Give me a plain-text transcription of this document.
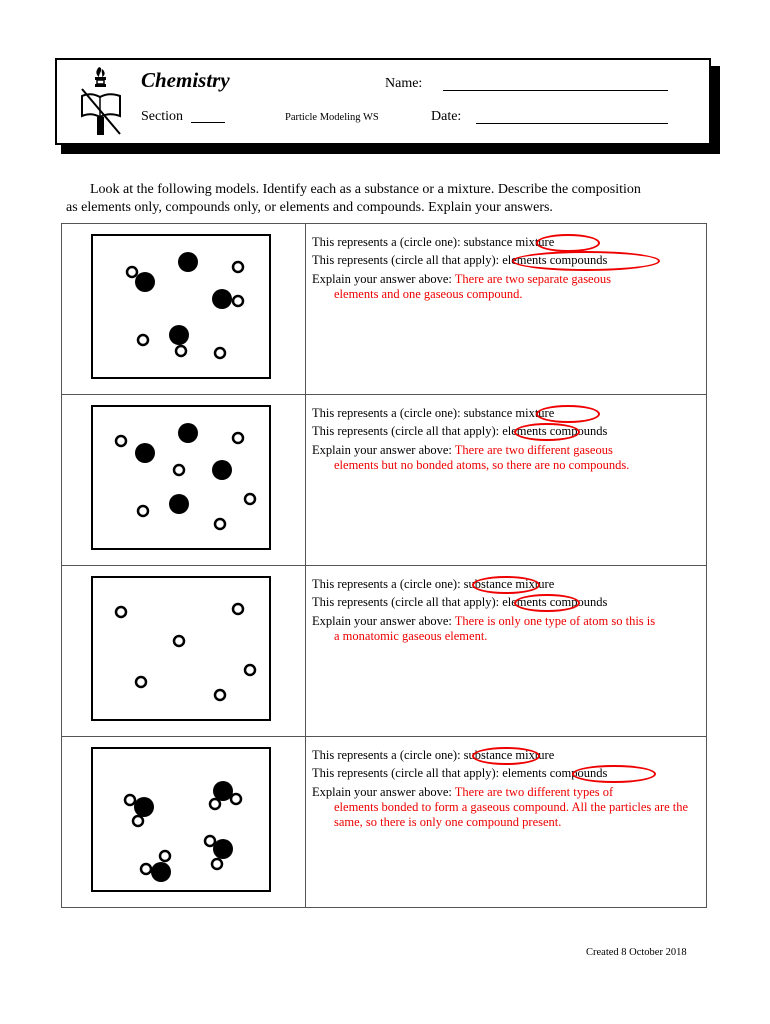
Chemistry
Section	Particle Modeling WS
Name:
Date:
Look at the following models. Identify each as a substance or a mixture. Describe the composition
as elements only, compounds only, or elements and compounds. Explain your answers.

This represents a (circle one): substance mixture
This represents (circle all that apply): elements compounds
Explain your answer above: There are two separate gaseous
elements and one gaseous compound.

This represents a (circle one): substance mixture
This represents (circle all that apply): elements compounds
Explain your answer above: There are two different gaseous
elements but no bonded atoms, so there are no compounds.

This represents a (circle one): substance mixture
This represents (circle all that apply): elements compounds
Explain your answer above: There is only one type of atom so this is
a monatomic gaseous element.

This represents a (circle one): substance mixture
This represents (circle all that apply): elements compounds
Explain your answer above: There are two different types of
elements bonded to form a gaseous compound. All the particles are the same, so there is only one compound present.
Created 8 October 2018
